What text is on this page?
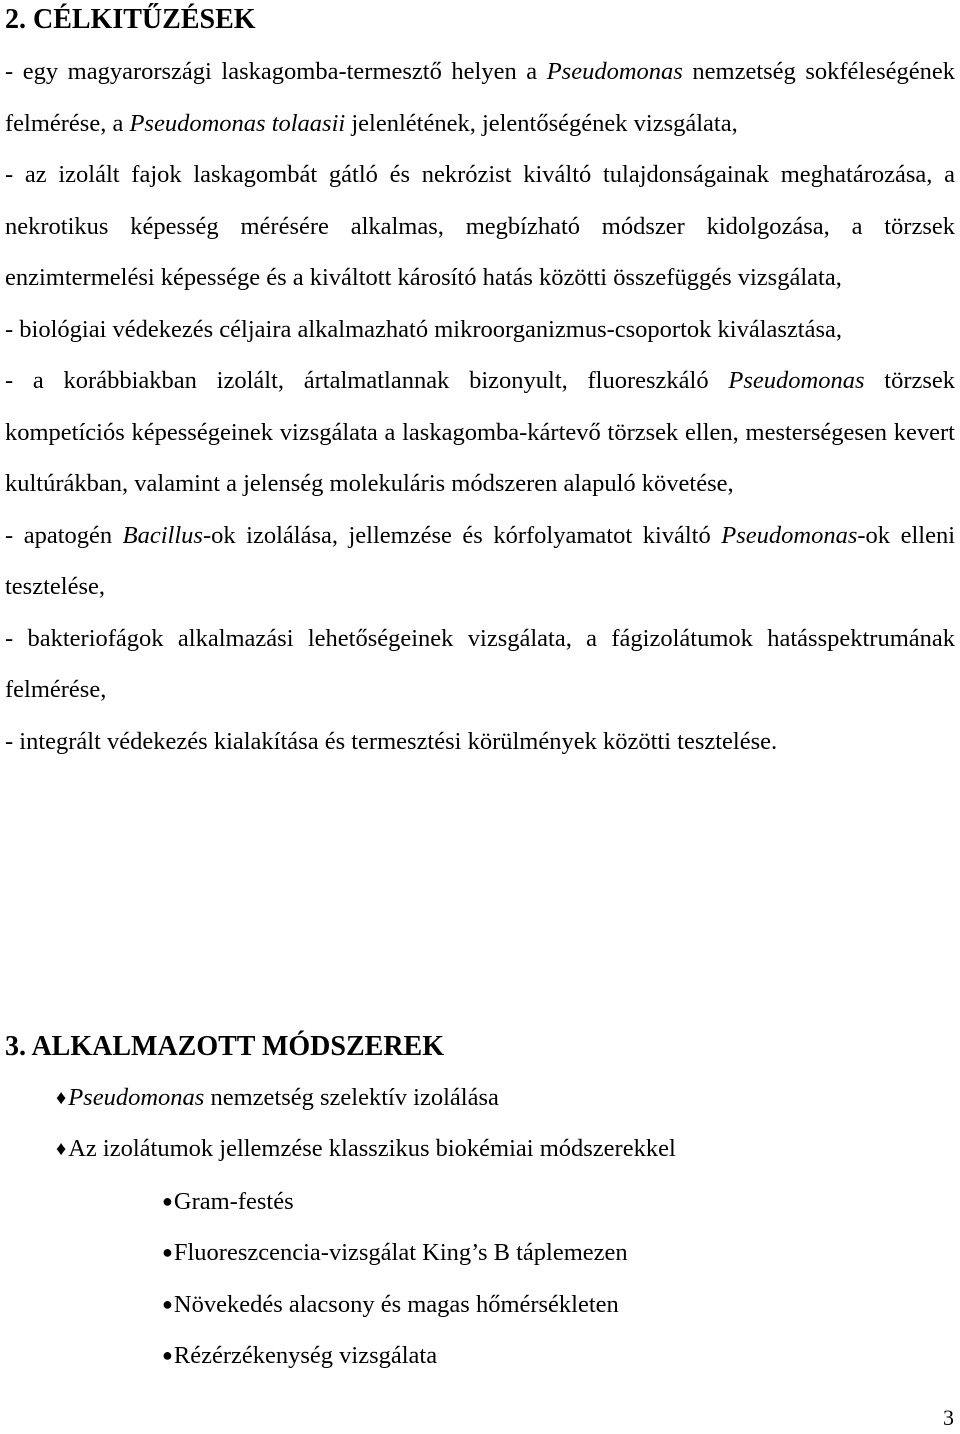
2. CÉLKITŰZÉSEK

- egy magyarországi laskagomba-termesztő helyen a Pseudomonas nemzetség sokféleségének felmérése, a Pseudomonas tolaasii jelenlétének, jelentőségének vizsgálata,

- az izolált fajok laskagombát gátló és nekrózist kiváltó tulajdonságainak meghatározása, a nekrotikus képesség mérésére alkalmas, megbízható módszer kidolgozása, a törzsek enzimtermelési képessége és a kiváltott károsító hatás közötti összefüggés vizsgálata,

- biológiai védekezés céljaira alkalmazható mikroorganizmus-csoportok kiválasztása,

- a korábbiakban izolált, ártalmatlannak bizonyult, fluoreszkáló Pseudomonas törzsek kompetíciós képességeinek vizsgálata a laskagomba-kártevő törzsek ellen, mesterségesen kevert kultúrákban, valamint a jelenség molekuláris módszeren alapuló követése,

- apatogén Bacillus-ok izolálása, jellemzése és kórfolyamatot kiváltó Pseudomonas-ok elleni tesztelése,

- bakteriofágok alkalmazási lehetőségeinek vizsgálata, a fágizolátumok hatásspektrumának felmérése,

- integrált védekezés kialakítása és termesztési körülmények közötti tesztelése.

3. ALKALMAZOTT MÓDSZEREK
♦Pseudomonas nemzetség szelektív izolálása
♦Az izolátumok jellemzése klasszikus biokémiai módszerekkel
●Gram-festés
●Fluoreszcencia-vizsgálat King’s B táplemezen
●Növekedés alacsony és magas hőmérsékleten
●Rézérzékenység vizsgálata
3
